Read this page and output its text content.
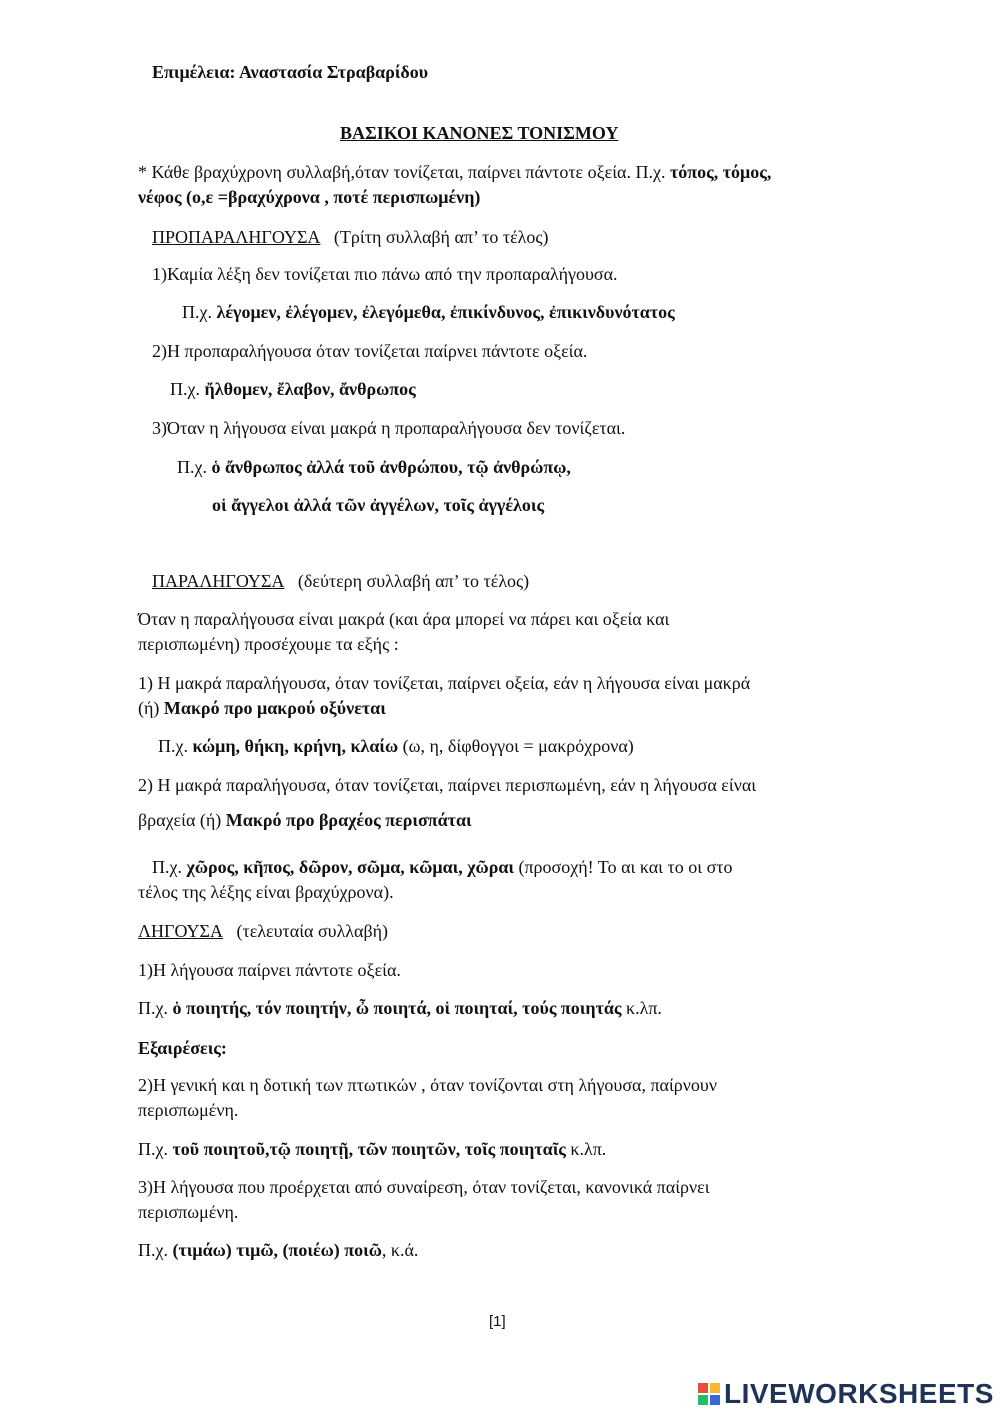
Επιμέλεια: Αναστασία Στραβαρίδου
ΒΑΣΙΚΟΙ ΚΑΝΟΝΕΣ ΤΟΝΙΣΜΟΥ
* Κάθε βραχύχρονη συλλαβή,όταν τονίζεται, παίρνει πάντοτε οξεία. Π.χ. τόπος, τόμος,
νέφος (ο,ε =βραχύχρονα , ποτέ περισπωμένη)
ΠΡΟΠΑΡΑΛΗΓΟΥΣΑ (Τρίτη συλλαβή απ’ το τέλος)
1)Καμία λέξη δεν τονίζεται πιο πάνω από την προπαραλήγουσα.
Π.χ. λέγομεν, ἐλέγομεν, ἐλεγόμεθα, ἐπικίνδυνος, ἐπικινδυνότατος
2)Η προπαραλήγουσα όταν τονίζεται παίρνει πάντοτε οξεία.
Π.χ. ἤλθομεν, ἔλαβον, ἄνθρωπος
3)Όταν η λήγουσα είναι μακρά η προπαραλήγουσα δεν τονίζεται.
Π.χ. ὁ ἄνθρωπος ἀλλά τοῦ ἀνθρώπου, τῷ ἀνθρώπῳ,
οἱ ἄγγελοι ἀλλά τῶν ἀγγέλων, τοῖς ἀγγέλοις
ΠΑΡΑΛΗΓΟΥΣΑ (δεύτερη συλλαβή απ’ το τέλος)
Όταν η παραλήγουσα είναι μακρά (και άρα μπορεί να πάρει και οξεία και
περισπωμένη) προσέχουμε τα εξής :
1) Η μακρά παραλήγουσα, όταν τονίζεται, παίρνει οξεία, εάν η λήγουσα είναι μακρά
(ή) Μακρό προ μακρού οξύνεται
Π.χ. κώμη, θήκη, κρήνη, κλαίω (ω, η, δίφθογγοι = μακρόχρονα)
2) Η μακρά παραλήγουσα, όταν τονίζεται, παίρνει περισπωμένη, εάν η λήγουσα είναι
βραχεία (ή) Μακρό προ βραχέος περισπάται
Π.χ. χῶρος, κῆπος, δῶρον, σῶμα, κῶμαι, χῶραι (προσοχή! Το αι και το οι στο
τέλος της λέξης είναι βραχύχρονα).
ΛΗΓΟΥΣΑ (τελευταία συλλαβή)
1)Η λήγουσα παίρνει πάντοτε οξεία.
Π.χ. ὁ ποιητής, τόν ποιητήν, ὦ ποιητά, οἱ ποιηταί, τούς ποιητάς κ.λπ.
Εξαιρέσεις:
2)Η γενική και η δοτική των πτωτικών , όταν τονίζονται στη λήγουσα, παίρνουν
περισπωμένη.
Π.χ. τοῦ ποιητοῦ,τῷ ποιητῇ, τῶν ποιητῶν, τοῖς ποιηταῖς κ.λπ.
3)Η λήγουσα που προέρχεται από συναίρεση, όταν τονίζεται, κανονικά παίρνει
περισπωμένη.
Π.χ. (τιμάω) τιμῶ, (ποιέω) ποιῶ, κ.ά.
[1]
LIVEWORKSHEETS
